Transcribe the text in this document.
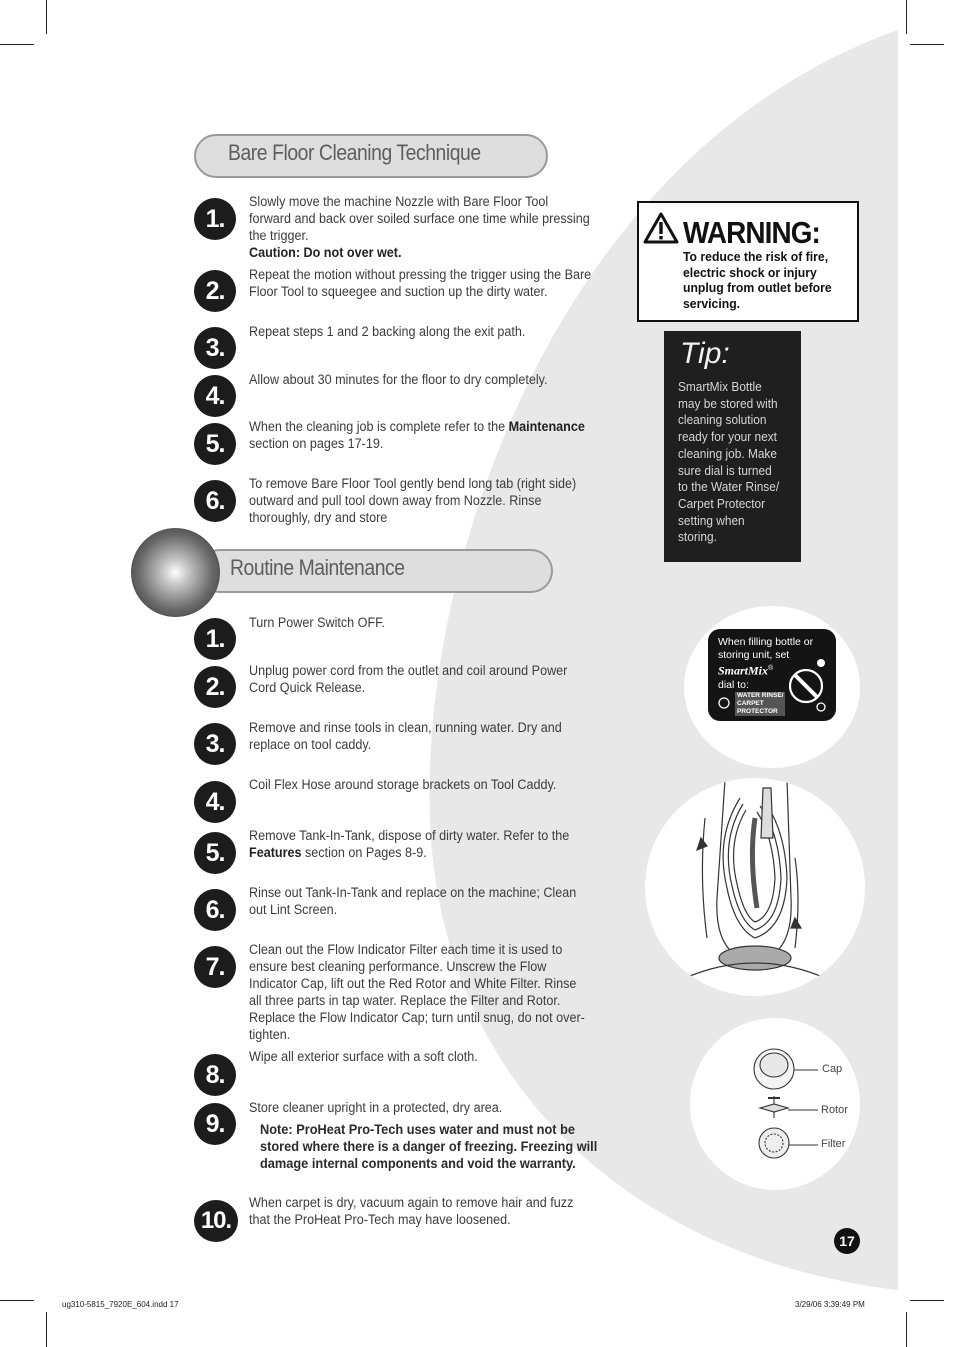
Bare Floor Cleaning Technique
1.
2.
3.
4.
5.
6.
Slowly move the machine Nozzle with Bare Floor Tool forward and back over soiled surface one time while pressing the trigger.
Caution: Do not over wet.
Repeat the motion without pressing the trigger using the Bare Floor Tool to squeegee and suction up the dirty water.
Repeat steps 1 and 2 backing along the exit path.
Allow about 30 minutes for the floor to dry completely.
When the cleaning job is complete refer to the Maintenance
section on pages 17-19.
To remove Bare Floor Tool gently bend long tab (right side) outward and pull tool down away from Nozzle. Rinse thoroughly, dry and store
Routine Maintenance
1.
2.
3.
4.
5.
6.
7.
8.
9.
10.
Turn Power Switch OFF.
Unplug power cord from the outlet and coil around Power Cord Quick Release.
Remove and rinse tools in clean, running water. Dry and replace on tool caddy.
Coil Flex Hose around storage brackets on Tool Caddy.
Remove Tank-In-Tank, dispose of dirty water. Refer to the
Features section on Pages 8-9.
Rinse out Tank-In-Tank and replace on the machine; Clean out Lint Screen.
Clean out the Flow Indicator Filter each time it is used to ensure best cleaning performance. Unscrew the Flow Indicator Cap, lift out the Red Rotor and White Filter. Rinse all three parts in tap water. Replace the Filter and Rotor. Replace the Flow Indicator Cap; turn until snug, do not over-tighten.
Wipe all exterior surface with a soft cloth.
Store cleaner upright in a protected, dry area.
Note: ProHeat Pro-Tech uses water and must not be stored where there is a danger of freezing. Freezing will damage internal components and void the warranty.
When carpet is dry, vacuum again to remove hair and fuzz that the ProHeat Pro-Tech may have loosened.
WARNING:
To reduce the risk of fire, electric shock or injury unplug from outlet before servicing.
Tip:
SmartMix Bottle may be stored with cleaning solution ready for your next cleaning job. Make sure dial is turned to the Water Rinse/ Carpet Protector setting when storing.
When filling bottle or
storing unit, set
SmartMix®
dial to:
WATER RINSE/
CARPET
PROTECTOR
Cap
Rotor
Filter
17
ug310-5815_7920E_604.indd 17	3/29/06 3:39:49 PM
